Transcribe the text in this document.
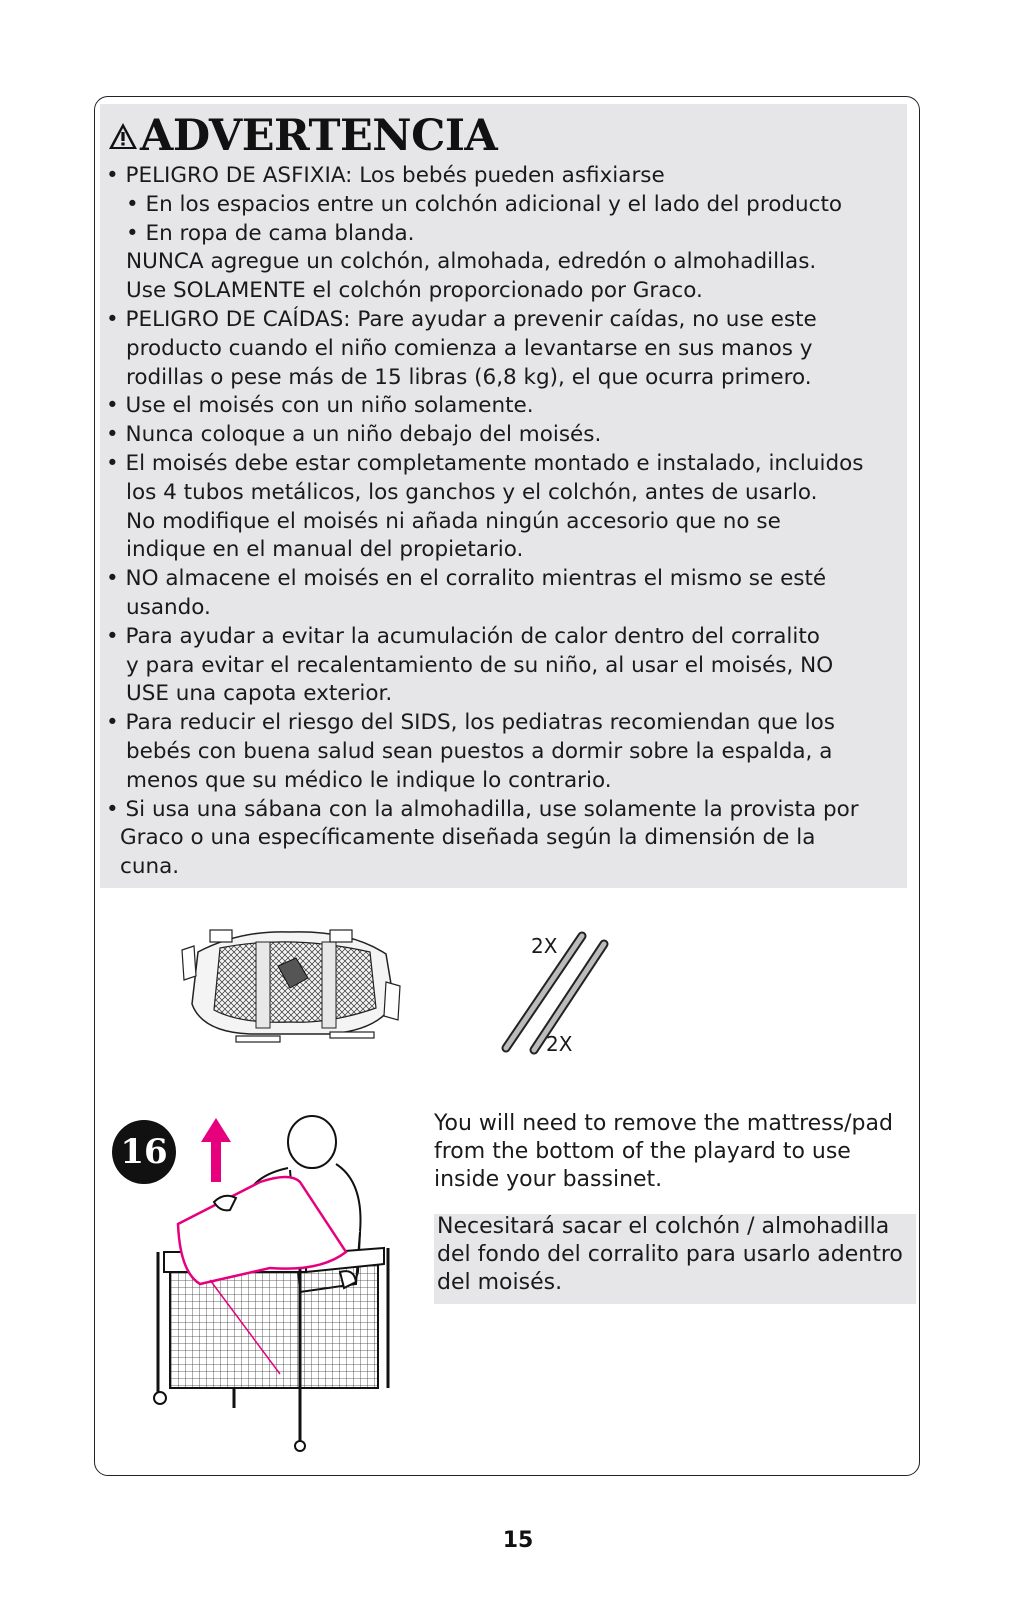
ADVERTENCIA
• PELIGRO DE ASFIXIA: Los bebés pueden asfixiarse
• En los espacios entre un colchón adicional y el lado del producto
• En ropa de cama blanda.
NUNCA agregue un colchón, almohada, edredón o almohadillas.
Use SOLAMENTE el colchón proporcionado por Graco.
• PELIGRO DE CAÍDAS: Pare ayudar a prevenir caídas, no use este
producto cuando el niño comienza a levantarse en sus manos y
rodillas o pese más de 15 libras (6,8 kg), el que ocurra primero.
• Use el moisés con un niño solamente.
• Nunca coloque a un niño debajo del moisés.
• El moisés debe estar completamente montado e instalado, incluidos
los 4 tubos metálicos, los ganchos y el colchón, antes de usarlo.
No modifique el moisés ni añada ningún accesorio que no se
indique en el manual del propietario.
• NO almacene el moisés en el corralito mientras el mismo se esté
usando.
• Para ayudar a evitar la acumulación de calor dentro del corralito
y para evitar el recalentamiento de su niño, al usar el moisés, NO
USE una capota exterior.
• Para reducir el riesgo del SIDS, los pediatras recomiendan que los
bebés con buena salud sean puestos a dormir sobre la espalda, a
menos que su médico le indique lo contrario.
• Si usa una sábana con la almohadilla, use solamente la provista por
Graco o una específicamente diseñada según la dimensión de la
cuna.
2X
2X
16
You will need to remove the mattress/pad from the bottom of the playard to use inside your bassinet.
Necesitará sacar el colchón / almohadilla del fondo del corralito para usarlo adentro del moisés.
15
